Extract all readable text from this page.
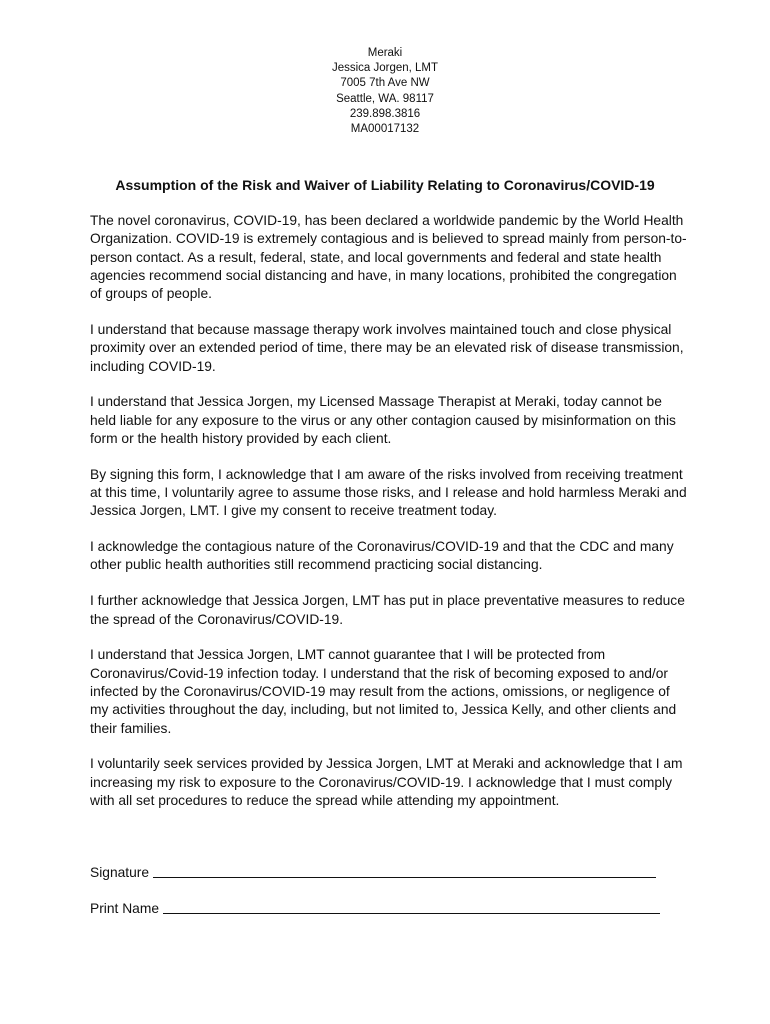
Meraki
Jessica Jorgen, LMT
7005 7th Ave NW
Seattle, WA. 98117
239.898.3816
MA00017132
Assumption of the Risk and Waiver of Liability Relating to Coronavirus/COVID-19

The novel coronavirus, COVID-19, has been declared a worldwide pandemic by the World Health Organization. COVID-19 is extremely contagious and is believed to spread mainly from person-to-person contact. As a result, federal, state, and local governments and federal and state health agencies recommend social distancing and have, in many locations, prohibited the congregation of groups of people.

I understand that because massage therapy work involves maintained touch and close physical proximity over an extended period of time, there may be an elevated risk of disease transmission, including COVID-19.

I understand that Jessica Jorgen, my Licensed Massage Therapist at Meraki, today cannot be held liable for any exposure to the virus or any other contagion caused by misinformation on this form or the health history provided by each client.

By signing this form, I acknowledge that I am aware of the risks involved from receiving treatment at this time, I voluntarily agree to assume those risks, and I release and hold harmless Meraki and Jessica Jorgen, LMT. I give my consent to receive treatment today.

I acknowledge the contagious nature of the Coronavirus/COVID-19 and that the CDC and many other public health authorities still recommend practicing social distancing.

I further acknowledge that Jessica Jorgen, LMT has put in place preventative measures to reduce the spread of the Coronavirus/COVID-19.

I understand that Jessica Jorgen, LMT cannot guarantee that I will be protected from Coronavirus/Covid-19 infection today. I understand that the risk of becoming exposed to and/or infected by the Coronavirus/COVID-19 may result from the actions, omissions, or negligence of my activities throughout the day, including, but not limited to, Jessica Kelly, and other clients and their families.

I voluntarily seek services provided by Jessica Jorgen, LMT at Meraki and acknowledge that I am increasing my risk to exposure to the Coronavirus/COVID-19. I acknowledge that I must comply with all set procedures to reduce the spread while attending my appointment.

Signature
Print Name
